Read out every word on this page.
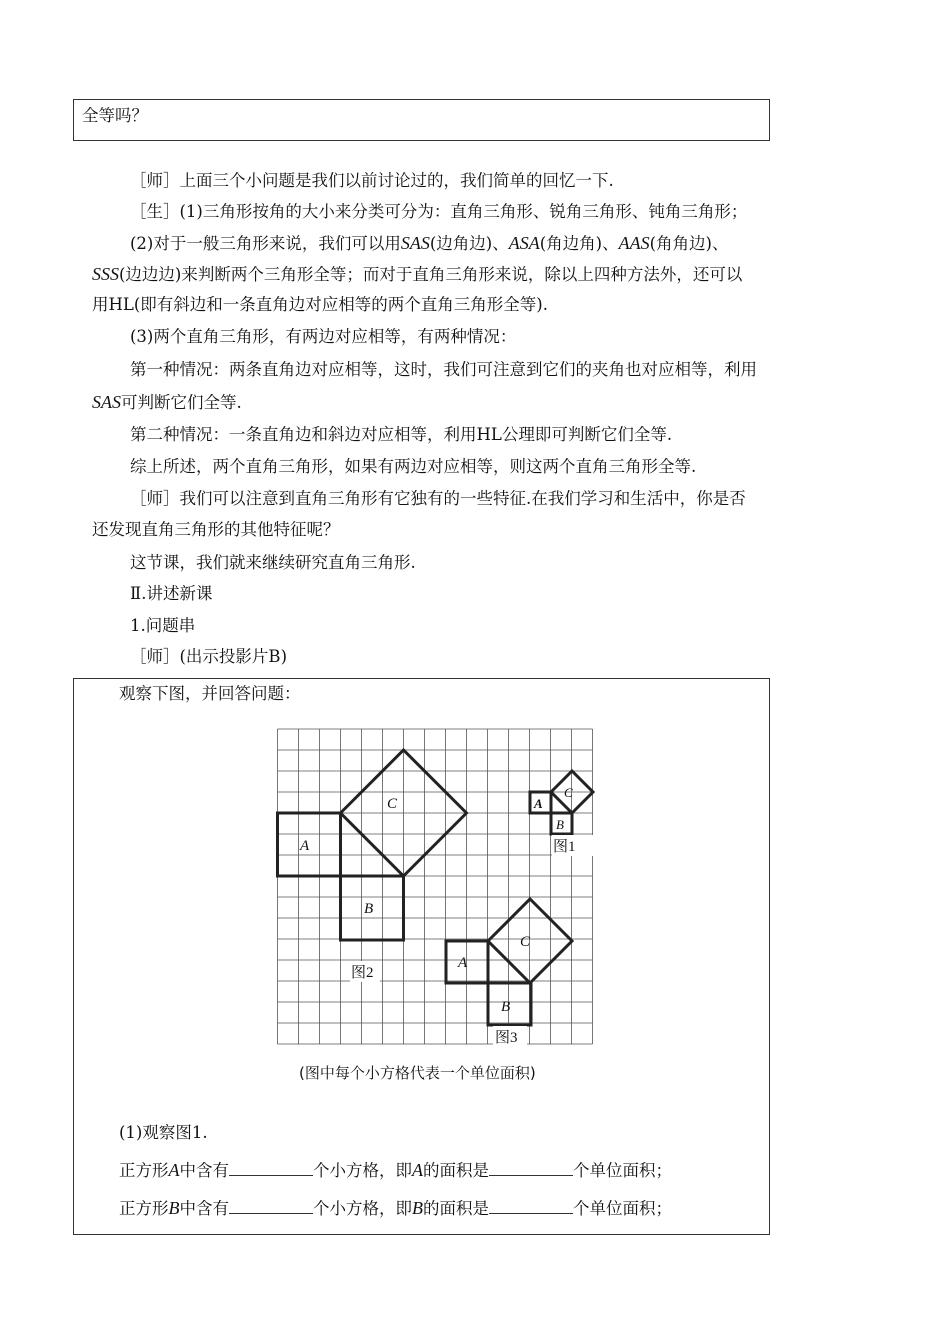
全等吗？
［师］上面三个小问题是我们以前讨论过的，我们简单的回忆一下.
［生］(1)三角形按角的大小来分类可分为：直角三角形、锐角三角形、钝角三角形；
(2)对于一般三角形来说，我们可以用SAS(边角边)、ASA(角边角)、AAS(角角边)、
SSS(边边边)来判断两个三角形全等；而对于直角三角形来说，除以上四种方法外，还可以
用HL(即有斜边和一条直角边对应相等的两个直角三角形全等).
(3)两个直角三角形，有两边对应相等，有两种情况：
第一种情况：两条直角边对应相等，这时，我们可注意到它们的夹角也对应相等，利用
SAS可判断它们全等.
第二种情况：一条直角边和斜边对应相等，利用HL公理即可判断它们全等.
综上所述，两个直角三角形，如果有两边对应相等，则这两个直角三角形全等.
［师］我们可以注意到直角三角形有它独有的一些特征.在我们学习和生活中，你是否
还发现直角三角形的其他特征呢？
这节课，我们就来继续研究直角三角形.
Ⅱ.讲述新课
1.问题串
［师］(出示投影片B)
观察下图，并回答问题：
A
B
C	A
B
C
A
B
C
图1
图2
图3
(图中每个小方格代表一个单位面积)
(1)观察图1.
正方形A中含有	个小方格，即A的面积是	个单位面积；
正方形B中含有	个小方格，即B的面积是	个单位面积；
